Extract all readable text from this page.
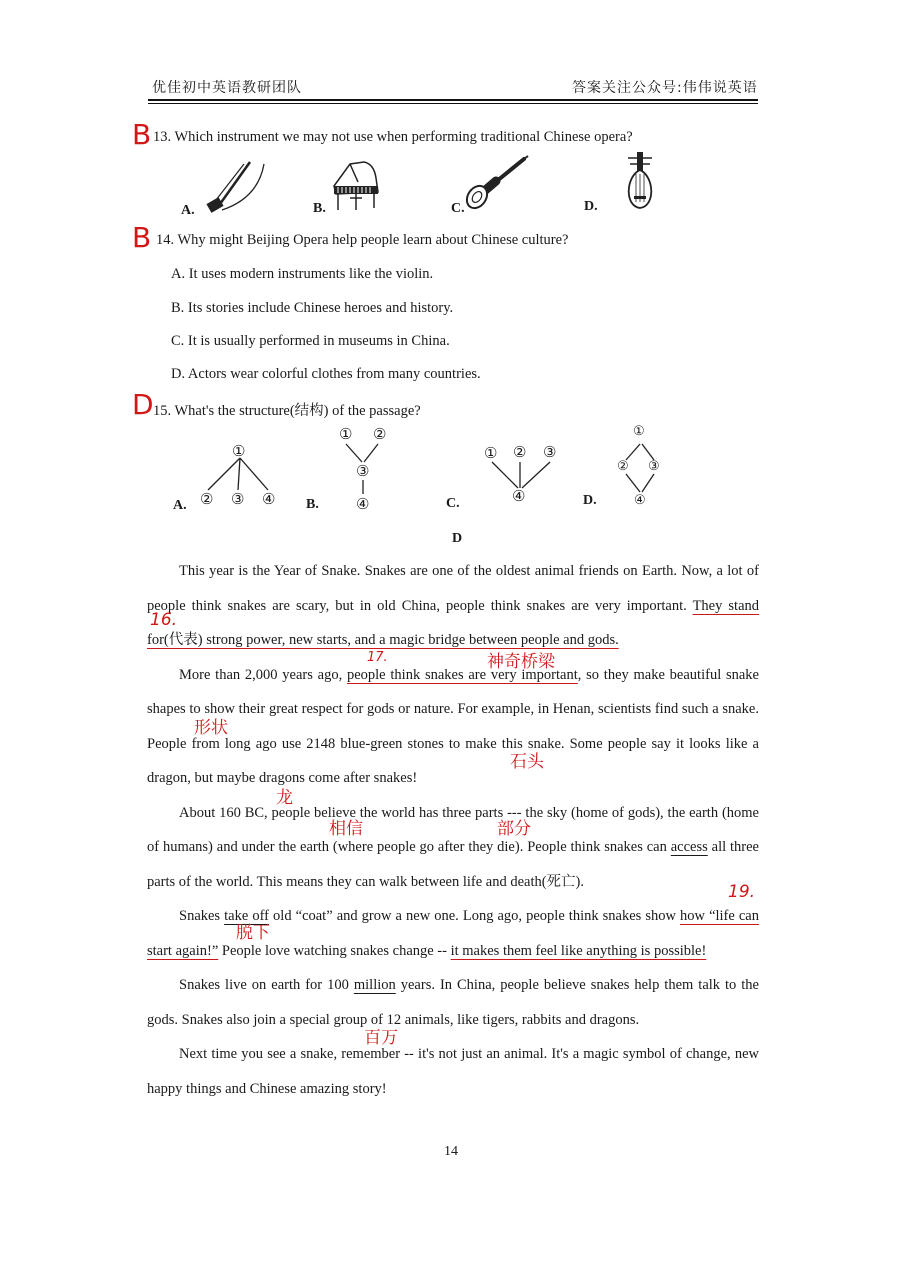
优佳初中英语教研团队	答案关注公众号:伟伟说英语
B 13. Which instrument we may not use when performing traditional Chinese opera?
A.	B.	C.	D.
B 14. Why might Beijing Opera help people learn about Chinese culture?
A. It uses modern instruments like the violin.
B. Its stories include Chinese heroes and history.
C. It is usually performed in museums in China.
D. Actors wear colorful clothes from many countries.
D 15. What's the structure(结构) of the passage?
A.	B.	C.	D.
①
② ③ ④
① ②
③
④
① ② ③
④
①
② ③
④
D

This year is the Year of Snake. Snakes are one of the oldest animal friends on Earth. Now, a lot of people think snakes are scary, but in old China, people think snakes are very important. They stand for(代表) strong power, new starts, and a magic bridge between people and gods.

More than 2,000 years ago, people think snakes are very important, so they make beautiful snake shapes to show their great respect for gods or nature. For example, in Henan, scientists find such a snake. People from long ago use 2148 blue-green stones to make this snake. Some people say it looks like a dragon, but maybe dragons come after snakes!

About 160 BC, people believe the world has three parts --- the sky (home of gods), the earth (home of humans) and under the earth (where people go after they die). People think snakes can access all three parts of the world. This means they can walk between life and death(死亡).

Snakes take off old “coat” and grow a new one. Long ago, people think snakes show how “life can start again!” People love watching snakes change -- it makes them feel like anything is possible!

Snakes live on earth for 100 million years. In China, people believe snakes help them talk to the gods. Snakes also join a special group of 12 animals, like tigers, rabbits and dragons.

Next time you see a snake, remember -- it's not just an animal. It's a magic symbol of change, new happy things and Chinese amazing story!

16.
17.	神奇桥梁
形状
石头
龙
相信	部分
19.
脱下
百万
14
